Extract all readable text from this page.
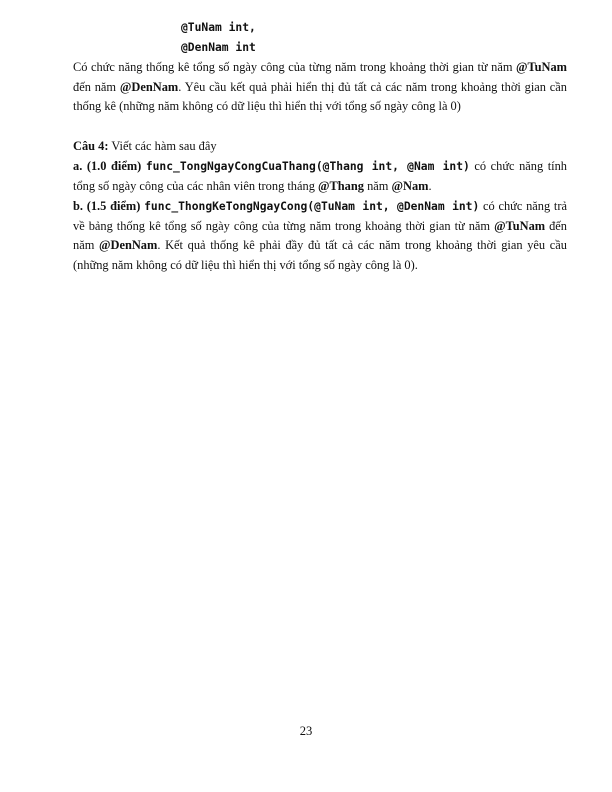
@TuNam int,
@DenNam int

Có chức năng thống kê tổng số ngày công của từng năm trong khoảng thời gian từ năm @TuNam đến năm @DenNam. Yêu cầu kết quả phải hiển thị đủ tất cả các năm trong khoảng thời gian cần thống kê (những năm không có dữ liệu thì hiển thị với tổng số ngày công là 0)

Câu 4: Viết các hàm sau đây

a. (1.0 điểm) func_TongNgayCongCuaThang(@Thang int, @Nam int) có chức năng tính tổng số ngày công của các nhân viên trong tháng @Thang năm @Nam.

b. (1.5 điểm) func_ThongKeTongNgayCong(@TuNam int, @DenNam int) có chức năng trả về bảng thống kê tổng số ngày công của từng năm trong khoảng thời gian từ năm @TuNam đến năm @DenNam. Kết quả thống kê phải đầy đủ tất cả các năm trong khoảng thời gian yêu cầu (những năm không có dữ liệu thì hiển thị với tổng số ngày công là 0).

23
